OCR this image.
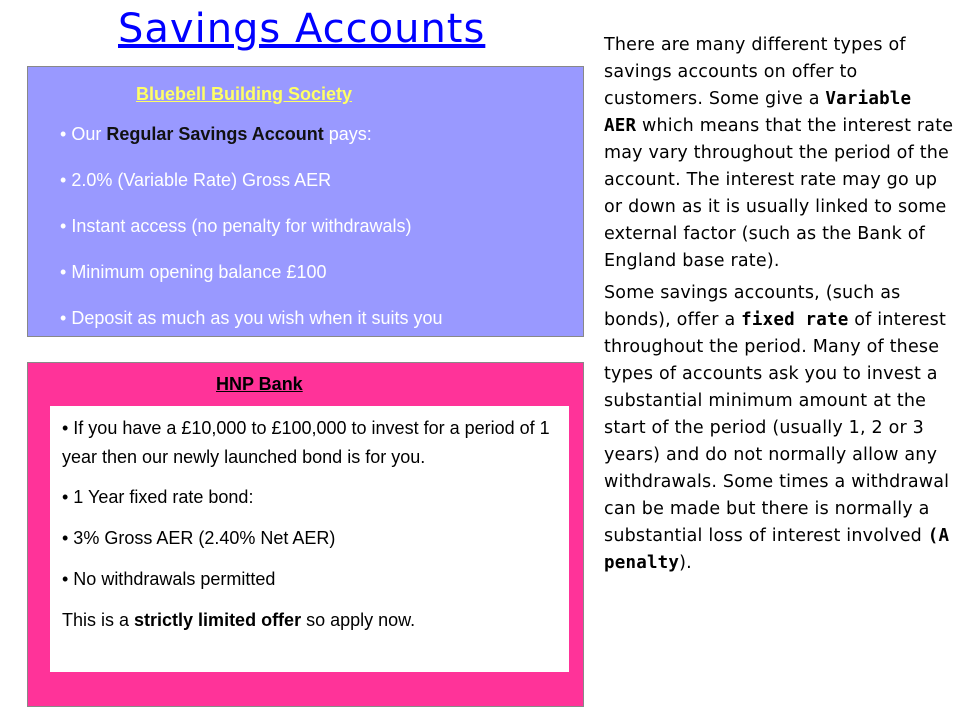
Savings Accounts
Bluebell Building Society
• Our Regular Savings Account pays:
• 2.0% (Variable Rate) Gross AER
• Instant access (no penalty for withdrawals)
• Minimum opening balance £100
• Deposit as much as you wish when it suits you
HNP Bank

• If you have a £10,000 to £100,000 to invest for a period of 1 year then our newly launched bond is for you.

• 1 Year fixed rate bond:

• 3% Gross AER (2.40% Net AER)

• No withdrawals permitted

This is a strictly limited offer so apply now.

There are many different types of savings accounts on offer to customers. Some give a Variable AER which means that the interest rate may vary throughout the period of the account. The interest rate may go up or down as it is usually linked to some external factor (such as the Bank of England base rate).

Some savings accounts, (such as bonds), offer a fixed rate of interest throughout the period. Many of these types of accounts ask you to invest a substantial minimum amount at the start of the period (usually 1, 2 or 3 years) and do not normally allow any withdrawals. Some times a withdrawal can be made but there is normally a substantial loss of interest involved (A penalty).
